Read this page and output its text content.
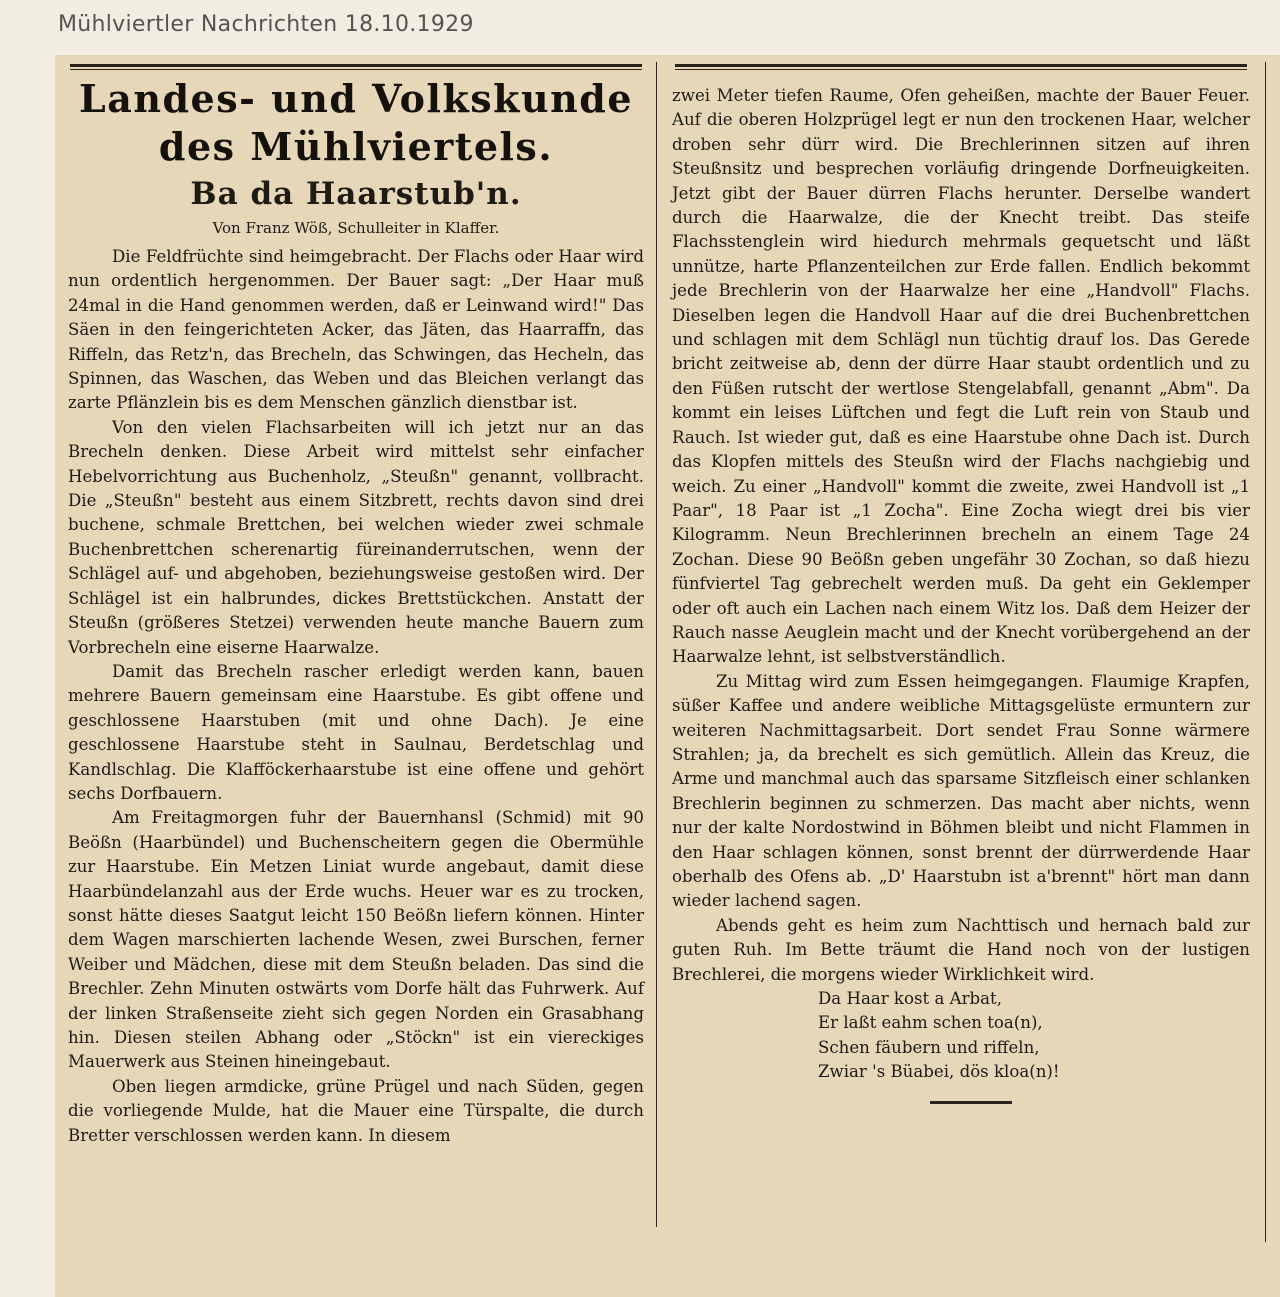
Mühlviertler Nachrichten 18.10.1929
Landes- und Volkskunde
des Mühlviertels.
Ba da Haarstub'n.
Von Franz Wöß, Schulleiter in Klaffer.

Die Feldfrüchte sind heimgebracht. Der Flachs oder Haar wird nun ordentlich hergenommen. Der Bauer sagt: „Der Haar muß 24mal in die Hand genommen werden, daß er Leinwand wird!" Das Säen in den feingerichteten Acker, das Jäten, das Haarraffn, das Riffeln, das Retz'n, das Brecheln, das Schwingen, das Hecheln, das Spinnen, das Waschen, das Weben und das Bleichen verlangt das zarte Pflänzlein bis es dem Menschen gänzlich dienstbar ist.

Von den vielen Flachsarbeiten will ich jetzt nur an das Brecheln denken. Diese Arbeit wird mittelst sehr einfacher Hebelvorrichtung aus Buchenholz, „Steußn" genannt, vollbracht. Die „Steußn" besteht aus einem Sitzbrett, rechts davon sind drei buchene, schmale Brettchen, bei welchen wieder zwei schmale Buchenbrettchen scherenartig füreinanderrutschen, wenn der Schlägel auf- und abgehoben, beziehungsweise gestoßen wird. Der Schlägel ist ein halbrundes, dickes Brettstückchen. Anstatt der Steußn (größeres Stetzei) verwenden heute manche Bauern zum Vorbrecheln eine eiserne Haarwalze.

Damit das Brecheln rascher erledigt werden kann, bauen mehrere Bauern gemeinsam eine Haarstube. Es gibt offene und geschlossene Haarstuben (mit und ohne Dach). Je eine geschlossene Haarstube steht in Saulnau, Berdetschlag und Kandlschlag. Die Klafföckerhaarstube ist eine offene und gehört sechs Dorfbauern.

Am Freitagmorgen fuhr der Bauernhansl (Schmid) mit 90 Beößn (Haarbündel) und Buchenscheitern gegen die Obermühle zur Haarstube. Ein Metzen Liniat wurde angebaut, damit diese Haarbündelanzahl aus der Erde wuchs. Heuer war es zu trocken, sonst hätte dieses Saatgut leicht 150 Beößn liefern können. Hinter dem Wagen marschierten lachende Wesen, zwei Burschen, ferner Weiber und Mädchen, diese mit dem Steußn beladen. Das sind die Brechler. Zehn Minuten ostwärts vom Dorfe hält das Fuhrwerk. Auf der linken Straßenseite zieht sich gegen Norden ein Grasabhang hin. Diesen steilen Abhang oder „Stöckn" ist ein viereckiges Mauerwerk aus Steinen hineingebaut.

Oben liegen armdicke, grüne Prügel und nach Süden, gegen die vorliegende Mulde, hat die Mauer eine Türspalte, die durch Bretter verschlossen werden kann. In diesem

zwei Meter tiefen Raume, Ofen geheißen, machte der Bauer Feuer. Auf die oberen Holzprügel legt er nun den trockenen Haar, welcher droben sehr dürr wird. Die Brechlerinnen sitzen auf ihren Steußnsitz und besprechen vorläufig dringende Dorfneuigkeiten. Jetzt gibt der Bauer dürren Flachs herunter. Derselbe wandert durch die Haarwalze, die der Knecht treibt. Das steife Flachsstenglein wird hiedurch mehrmals gequetscht und läßt unnütze, harte Pflanzenteilchen zur Erde fallen. Endlich bekommt jede Brechlerin von der Haarwalze her eine „Handvoll" Flachs. Dieselben legen die Handvoll Haar auf die drei Buchenbrettchen und schlagen mit dem Schlägl nun tüchtig drauf los. Das Gerede bricht zeitweise ab, denn der dürre Haar staubt ordentlich und zu den Füßen rutscht der wertlose Stengelabfall, genannt „Abm". Da kommt ein leises Lüftchen und fegt die Luft rein von Staub und Rauch. Ist wieder gut, daß es eine Haarstube ohne Dach ist. Durch das Klopfen mittels des Steußn wird der Flachs nachgiebig und weich. Zu einer „Handvoll" kommt die zweite, zwei Handvoll ist „1 Paar", 18 Paar ist „1 Zocha". Eine Zocha wiegt drei bis vier Kilogramm. Neun Brechlerinnen brecheln an einem Tage 24 Zochan. Diese 90 Beößn geben ungefähr 30 Zochan, so daß hiezu fünfviertel Tag gebrechelt werden muß. Da geht ein Geklemper oder oft auch ein Lachen nach einem Witz los. Daß dem Heizer der Rauch nasse Aeuglein macht und der Knecht vorübergehend an der Haarwalze lehnt, ist selbstverständlich.

Zu Mittag wird zum Essen heimgegangen. Flaumige Krapfen, süßer Kaffee und andere weibliche Mittagsgelüste ermuntern zur weiteren Nachmittagsarbeit. Dort sendet Frau Sonne wärmere Strahlen; ja, da brechelt es sich gemütlich. Allein das Kreuz, die Arme und manchmal auch das sparsame Sitzfleisch einer schlanken Brechlerin beginnen zu schmerzen. Das macht aber nichts, wenn nur der kalte Nordostwind in Böhmen bleibt und nicht Flammen in den Haar schlagen können, sonst brennt der dürrwerdende Haar oberhalb des Ofens ab. „D' Haarstubn ist a'brennt" hört man dann wieder lachend sagen.

Abends geht es heim zum Nachttisch und hernach bald zur guten Ruh. Im Bette träumt die Hand noch von der lustigen Brechlerei, die morgens wieder Wirklichkeit wird.

Da Haar kost a Arbat,
Er laßt eahm schen toa(n),
Schen fäubern und riffeln,
Zwiar 's Büabei, dös kloa(n)!
